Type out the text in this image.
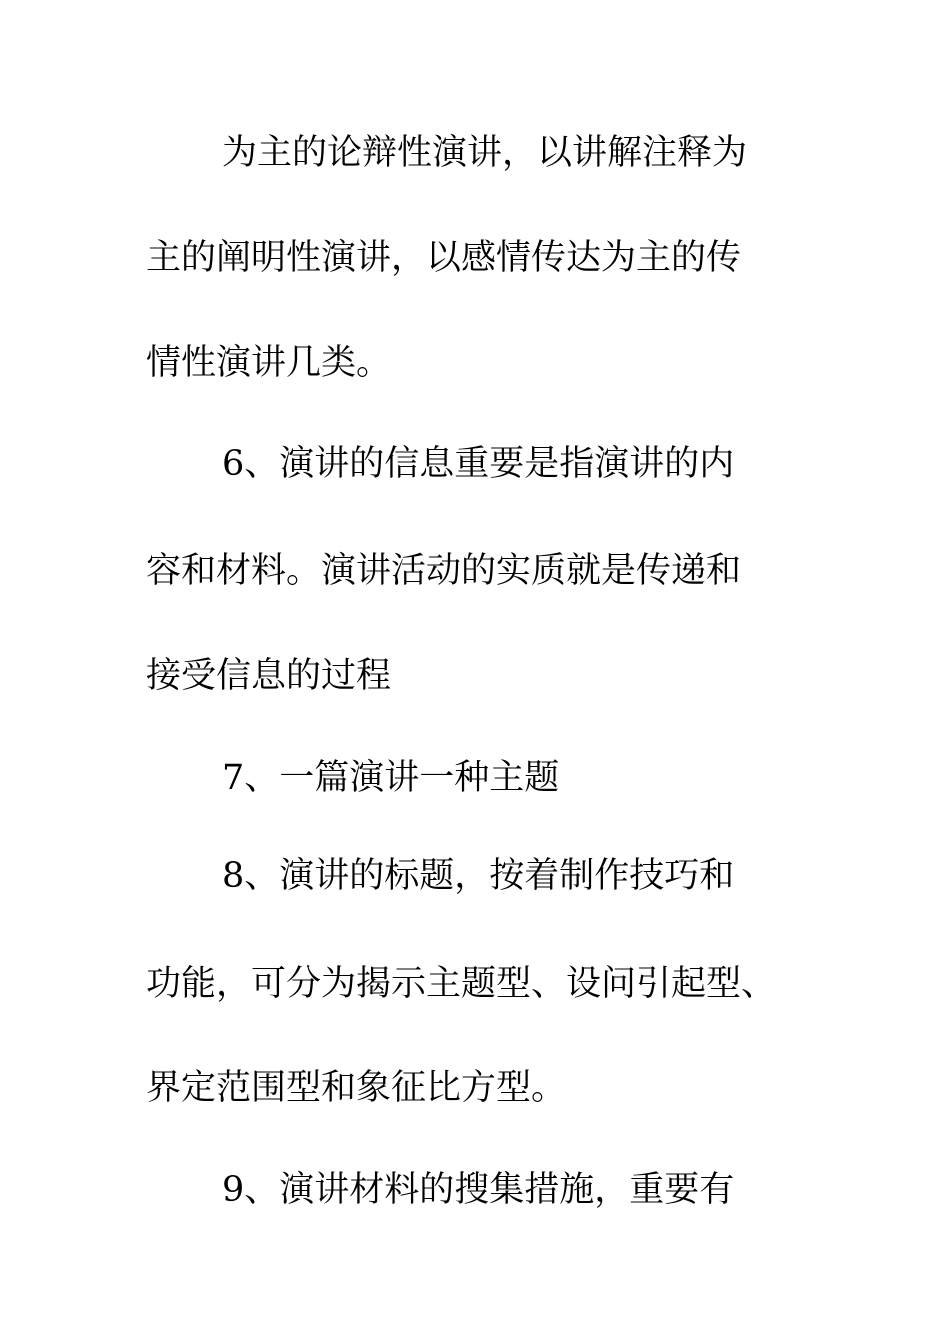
为主的论辩性演讲，以讲解注释为
主的阐明性演讲，以感情传达为主的传
情性演讲几类。
6、演讲的信息重要是指演讲的内
容和材料。演讲活动的实质就是传递和
接受信息的过程
7、一篇演讲一种主题
8、演讲的标题，按着制作技巧和
功能，可分为揭示主题型、设问引起型、
界定范围型和象征比方型。
9、演讲材料的搜集措施，重要有
